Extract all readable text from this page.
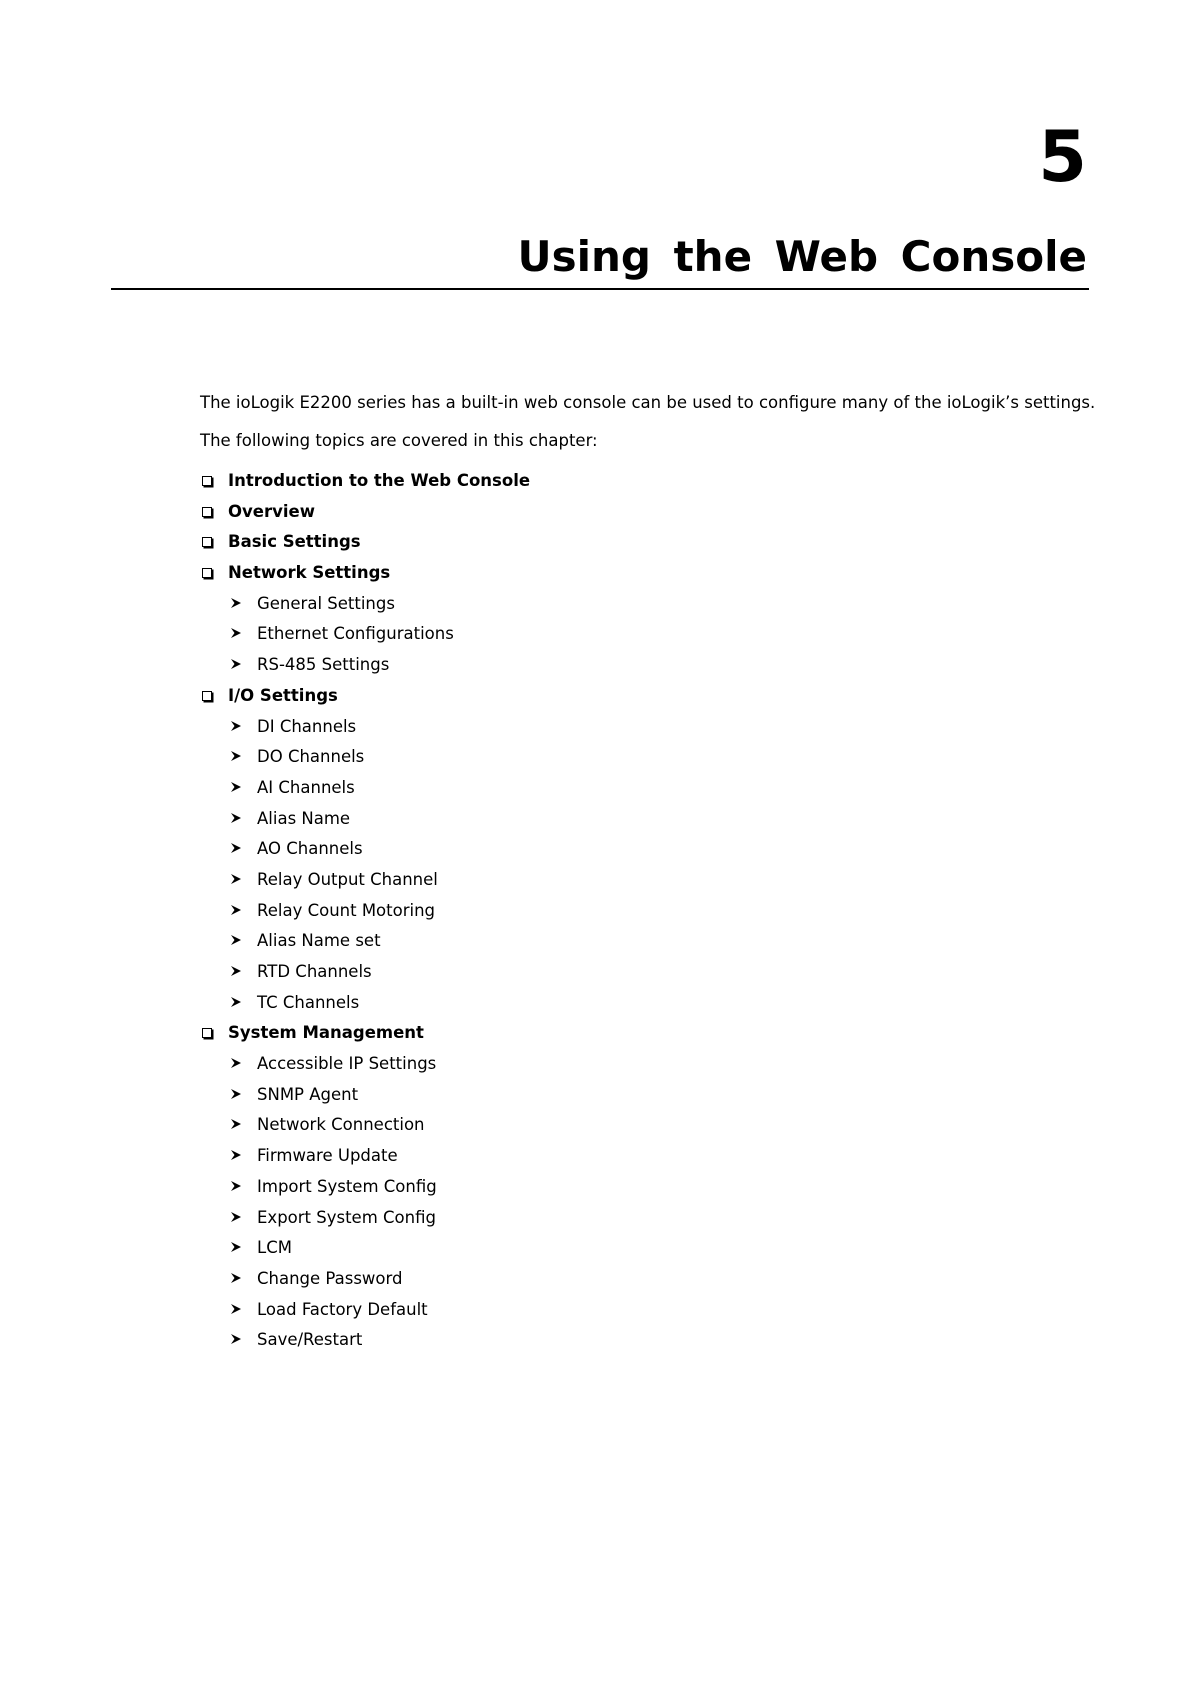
5
Using the Web Console

The ioLogik E2200 series has a built-in web console can be used to configure many of the ioLogik’s settings.

The following topics are covered in this chapter:

Introduction to the Web Console
Overview
Basic Settings
Network Settings
General Settings
Ethernet Configurations
RS-485 Settings
I/O Settings
DI Channels
DO Channels
AI Channels
Alias Name
AO Channels
Relay Output Channel
Relay Count Motoring
Alias Name set
RTD Channels
TC Channels
System Management
Accessible IP Settings
SNMP Agent
Network Connection
Firmware Update
Import System Config
Export System Config
LCM
Change Password
Load Factory Default
Save/Restart
